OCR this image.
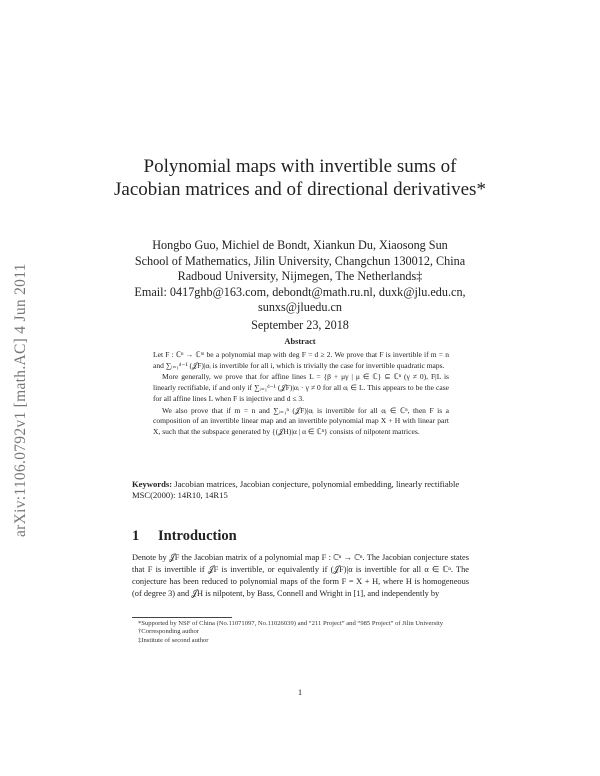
arXiv:1106.0792v1 [math.AC] 4 Jun 2011
Polynomial maps with invertible sums of
Jacobian matrices and of directional derivatives*
Hongbo Guo, Michiel de Bondt, Xiankun Du, Xiaosong Sun
School of Mathematics, Jilin University, Changchun 130012, China
Radboud University, Nijmegen, The Netherlands‡
Email: 0417ghb@163.com, debondt@math.ru.nl, duxk@jlu.edu.cn,
sunxs@jluedu.cn
September 23, 2018
Abstract

Let F : ℂⁿ → ℂᵐ be a polynomial map with deg F = d ≥ 2. We prove that F is invertible if m = n and ∑ᵢ₌₁ᵈ⁻¹ (𝒥F)|αᵢ is invertible for all i, which is trivially the case for invertible quadratic maps.

More generally, we prove that for affine lines L = {β + μγ | μ ∈ ℂ} ⊆ ℂⁿ (γ ≠ 0), F|L is linearly rectifiable, if and only if ∑ᵢ₌₁ᵈ⁻¹ (𝒥F)|αᵢ · γ ≠ 0 for all αᵢ ∈ L. This appears to be the case for all affine lines L when F is injective and d ≤ 3.

We also prove that if m = n and ∑ᵢ₌₁ⁿ (𝒥F)|αᵢ is invertible for all αᵢ ∈ ℂⁿ, then F is a composition of an invertible linear map and an invertible polynomial map X + H with linear part X, such that the subspace generated by {(𝒥H)|α | α ∈ ℂⁿ} consists of nilpotent matrices.

Keywords: Jacobian matrices, Jacobian conjecture, polynomial embedding, linearly rectifiable
MSC(2000): 14R10, 14R15
1 Introduction
Denote by 𝒥F the Jacobian matrix of a polynomial map F : ℂⁿ → ℂⁿ. The Jacobian conjecture states that F is invertible if 𝒥F is invertible, or equivalently if (𝒥F)|α is invertible for all α ∈ ℂⁿ. The conjecture has been reduced to polynomial maps of the form F = X + H, where H is homogeneous (of degree 3) and 𝒥H is nilpotent, by Bass, Connell and Wright in [1], and independently by
*Supported by NSF of China (No.11071097, No.11026039) and “211 Project” and “985 Project” of Jilin University
†Corresponding author
‡Institute of second author
1
